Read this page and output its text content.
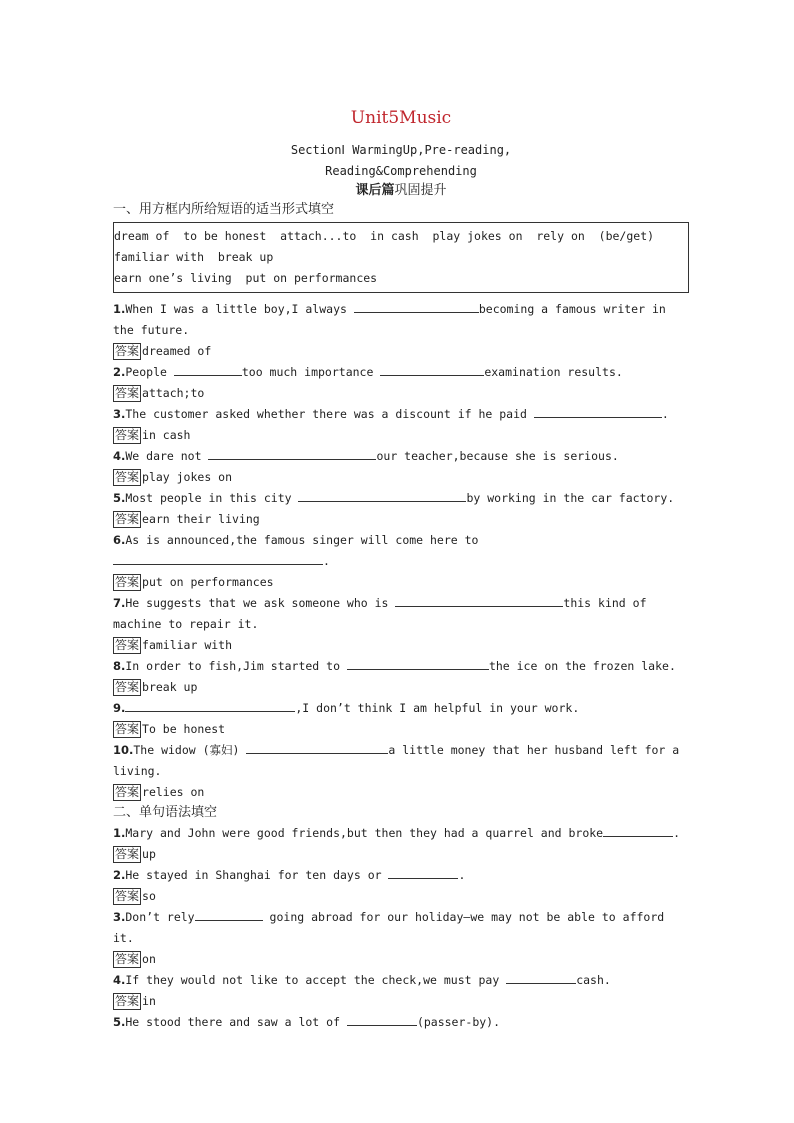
Unit5Music
SectionⅠ WarmingUp,Pre-reading,
Reading&Comprehending
课后篇巩固提升
一、用方框内所给短语的适当形式填空
dream of  to be honest  attach...to  in cash  play jokes on  rely on  (be/get)
familiar with  break up
earn one’s living  put on performances
1.When I was a little boy,I always	becoming a famous writer in the future.
答案 dreamed of
2.People	too much importance	examination results.
答案 attach;to
3.The customer asked whether there was a discount if he paid	.
答案 in cash
4.We dare not	our teacher,because she is serious.
答案 play jokes on
5.Most people in this city	by working in the car factory.
答案 earn their living
6.As is announced,the famous singer will come here to .
答案 put on performances
7.He suggests that we ask someone who is	this kind of machine to repair it.
答案 familiar with
8.In order to fish,Jim started to	the ice on the frozen lake.
答案 break up
9.	,I don’t think I am helpful in your work.
答案 To be honest
10.The widow (寡妇)	a little money that her husband left for a living.
答案 relies on
二、单句语法填空
1.Mary and John were good friends,but then they had a quarrel and broke	.
答案 up
2.He stayed in Shanghai for ten days or	.
答案 so
3.Don’t rely	going abroad for our holiday—we may not be able to afford it.
答案 on
4.If they would not like to accept the check,we must pay	cash.
答案 in
5.He stood there and saw a lot of	(passer-by).
